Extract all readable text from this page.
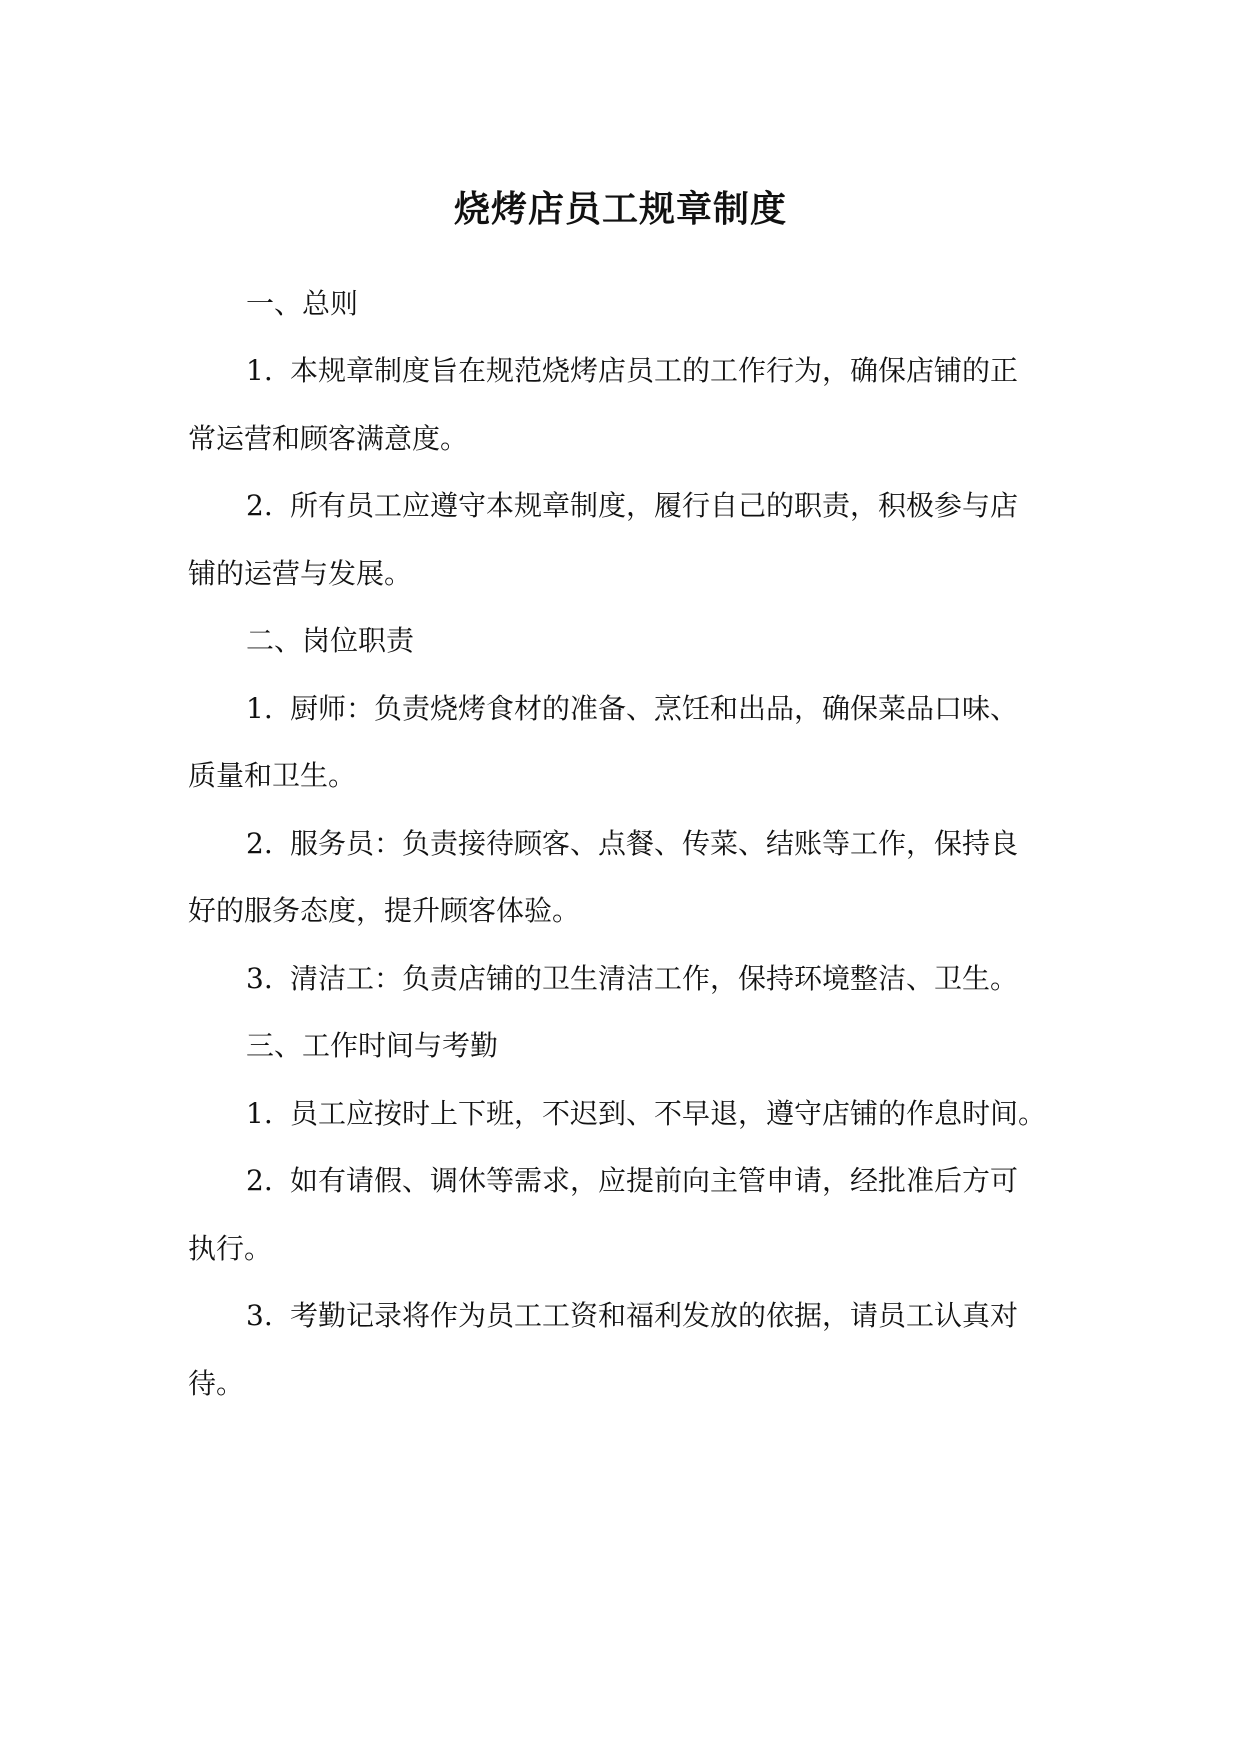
烧烤店员工规章制度
一、总则
1. 本规章制度旨在规范烧烤店员工的工作行为，确保店铺的正
常运营和顾客满意度。
2. 所有员工应遵守本规章制度，履行自己的职责，积极参与店
铺的运营与发展。
二、岗位职责
1. 厨师：负责烧烤食材的准备、烹饪和出品，确保菜品口味、
质量和卫生。
2. 服务员：负责接待顾客、点餐、传菜、结账等工作，保持良
好的服务态度，提升顾客体验。
3. 清洁工：负责店铺的卫生清洁工作，保持环境整洁、卫生。
三、工作时间与考勤
1. 员工应按时上下班，不迟到、不早退，遵守店铺的作息时间。
2. 如有请假、调休等需求，应提前向主管申请，经批准后方可
执行。
3. 考勤记录将作为员工工资和福利发放的依据，请员工认真对
待。
